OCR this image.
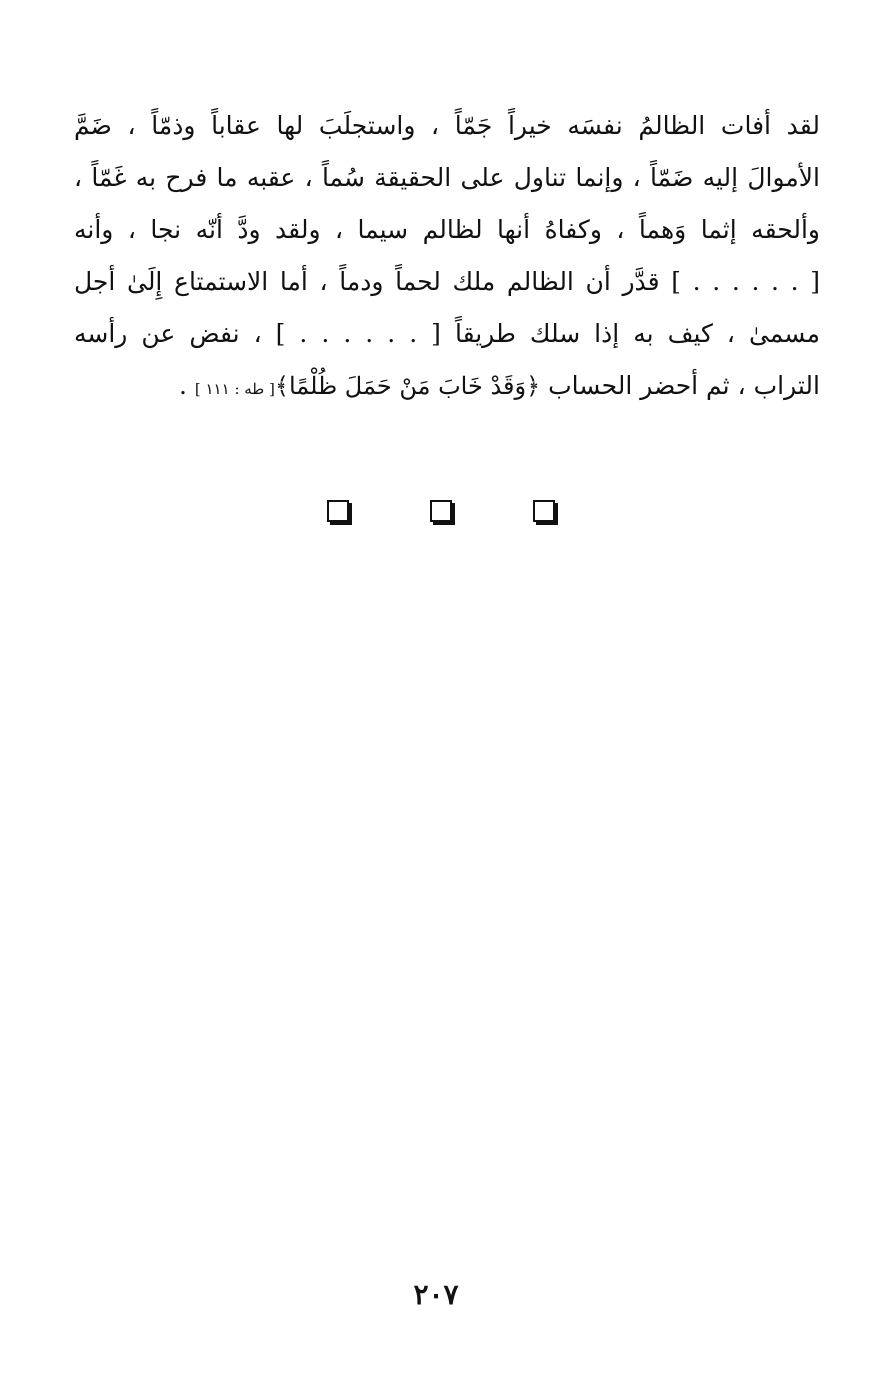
لقد أفات الظالمُ نفسَه خيراً جَمّاً ، واستجلَبَ لها عقاباً وذمّاً ، ضَمَّ
الأموالَ إليه ضَمّاً ، وإنما تناول على الحقيقة سُماً ، عقبه ما فرح به غَمّاً ،
وألحقه إثما وَهماً ، وكفاهُ أنها لظالم سيما ، ولقد ودَّ أنّه نجا ، وأنه
[ . . . . . . ] قدَّر أن الظالم ملك لحماً ودماً ، أما الاستمتاع إِلَىٰ أجل
مسمىٰ ، كيف به إذا سلك طريقاً [ . . . . . . ] ، نفض عن رأسه
التراب ، ثم أحضر الحساب ﴿وَقَدْ خَابَ مَنْ حَمَلَ ظُلْمًا﴾[ طه : ١١١ ] .
٢٠٧
